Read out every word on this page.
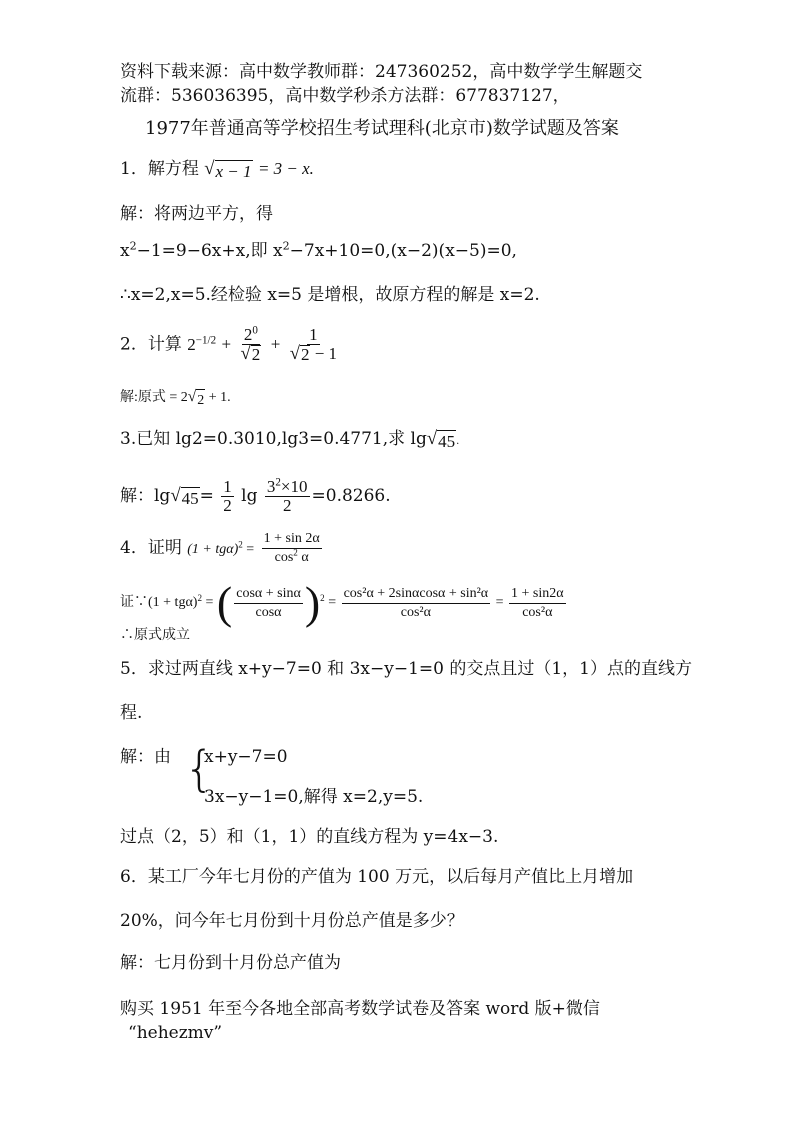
资料下载来源：高中数学教师群：247360252，高中数学学生解题交
流群：536036395，高中数学秒杀方法群：677837127，
1977年普通高等学校招生考试理科(北京市)数学试题及答案
1．解方程 √ x − 1 = 3 − x.
解：将两边平方，得
$x^2-1=9-6x+x$,即 $x^2-7x+10=0,(x-2)(x-5)=0$,
∴x=2,x=5.经检验 x=5 是增根，故原方程的解是 x=2.
2．计算 $2^{-1/2} + \frac{2^0}{√ 2} + \frac{1}{√ 2 - 1}$
解:原式 = 2 √ 2 + 1.
3.已知 lg2=0.3010,lg3=0.4771,求 lg √ 45 .
解：lg √ $45 = \frac{1}{2}$ $\lg \frac{3^2\times 10}{2} =0.8266$.
4．证明 $(1 + tg\alpha)^2 = \frac{1 + \sin 2\alpha}{\cos^2 \alpha}$
证∵(1 + tgα)$^2$ = ( $\frac{\cos\alpha + \sin\alpha}{\cos\alpha} )^2 = \frac{\text{cos²α + 2sinαcosα + sin²α}}{\text{cos²α}} = \frac{1 + \sin 2\alpha}{\text{cos²α}}$
∴原式成立
5．求过两直线 x+y−7=0 和 3x−y−1=0 的交点且过（1，1）点的直线方
程.
解：由 {
x+y−7=0
3x−y−1=0,解得 x=2,y=5.
过点（2，5）和（1，1）的直线方程为 y=4x−3.
6．某工厂今年七月份的产值为 100 万元，以后每月产值比上月增加
20%，问今年七月份到十月份总产值是多少？
解：七月份到十月份总产值为
购买 1951 年至今各地全部高考数学试卷及答案 word 版+微信
“hehezmv”
